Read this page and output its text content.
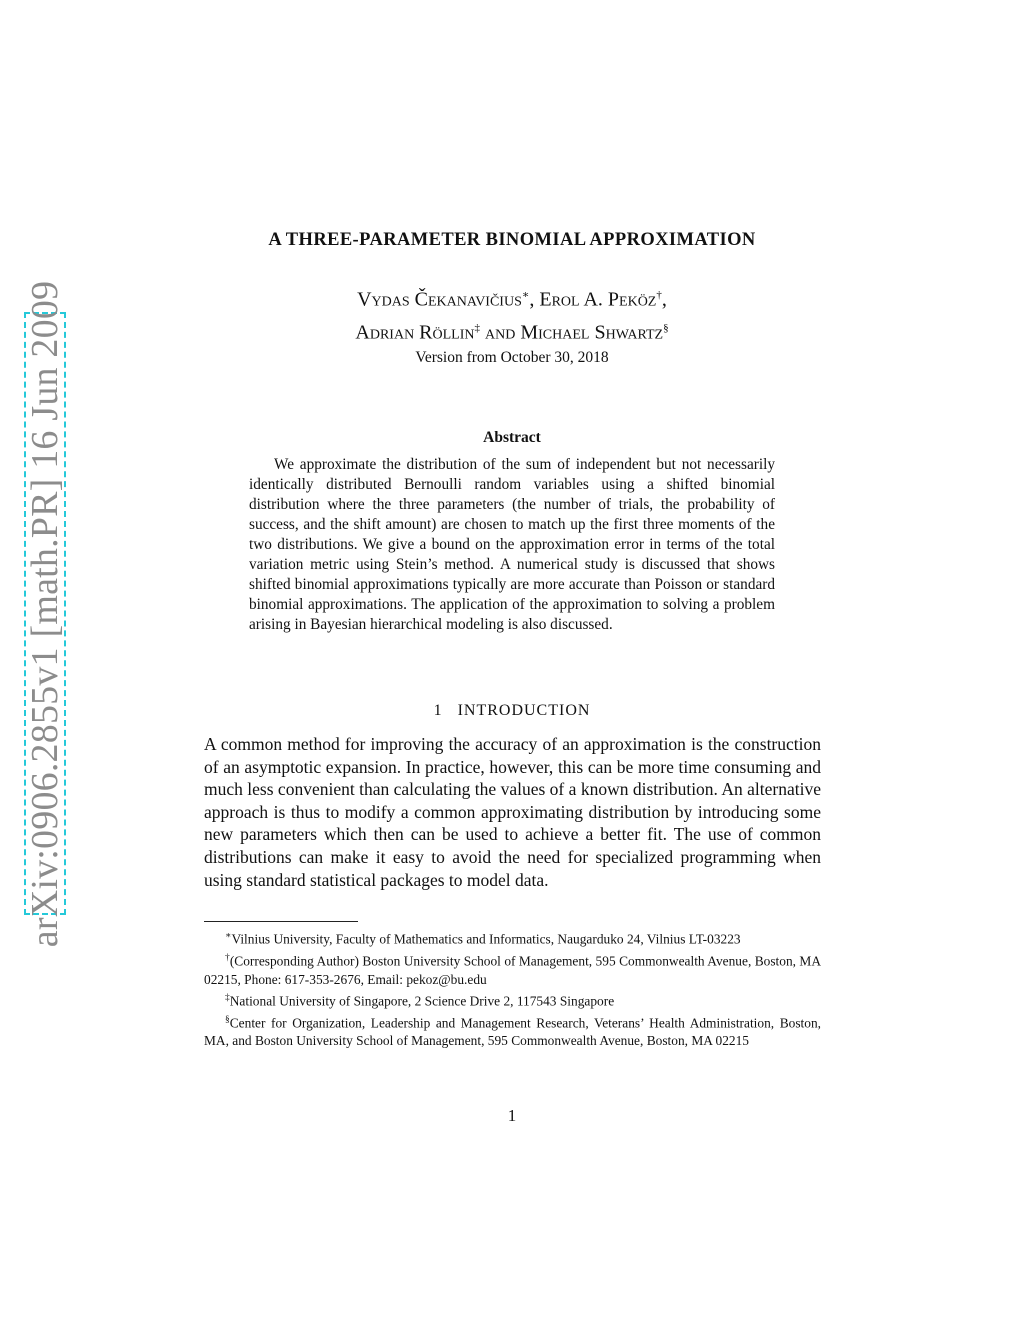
arXiv:0906.2855v1 [math.PR] 16 Jun 2009
A THREE-PARAMETER BINOMIAL APPROXIMATION
Vydas Čekanavičius∗, Erol A. Peköz†,
Adrian Röllin‡ and Michael Shwartz§
Version from October 30, 2018
Abstract

We approximate the distribution of the sum of independent but not necessarily identically distributed Bernoulli random variables using a shifted binomial distribution where the three parameters (the number of trials, the probability of success, and the shift amount) are chosen to match up the first three moments of the two distributions. We give a bound on the approximation error in terms of the total variation metric using Stein’s method. A numerical study is discussed that shows shifted binomial approximations typically are more accurate than Poisson or standard binomial approximations. The application of the approximation to solving a problem arising in Bayesian hierarchical modeling is also discussed.

1 INTRODUCTION

A common method for improving the accuracy of an approximation is the construction of an asymptotic expansion. In practice, however, this can be more time consuming and much less convenient than calculating the values of a known distribution. An alternative approach is thus to modify a common approximating distribution by introducing some new parameters which then can be used to achieve a better fit. The use of common distributions can make it easy to avoid the need for specialized programming when using standard statistical packages to model data.

∗Vilnius University, Faculty of Mathematics and Informatics, Naugarduko 24, Vilnius LT-03223

†(Corresponding Author) Boston University School of Management, 595 Commonwealth Avenue, Boston, MA 02215, Phone: 617-353-2676, Email: pekoz@bu.edu

‡National University of Singapore, 2 Science Drive 2, 117543 Singapore

§Center for Organization, Leadership and Management Research, Veterans’ Health Administration, Boston, MA, and Boston University School of Management, 595 Commonwealth Avenue, Boston, MA 02215

1
